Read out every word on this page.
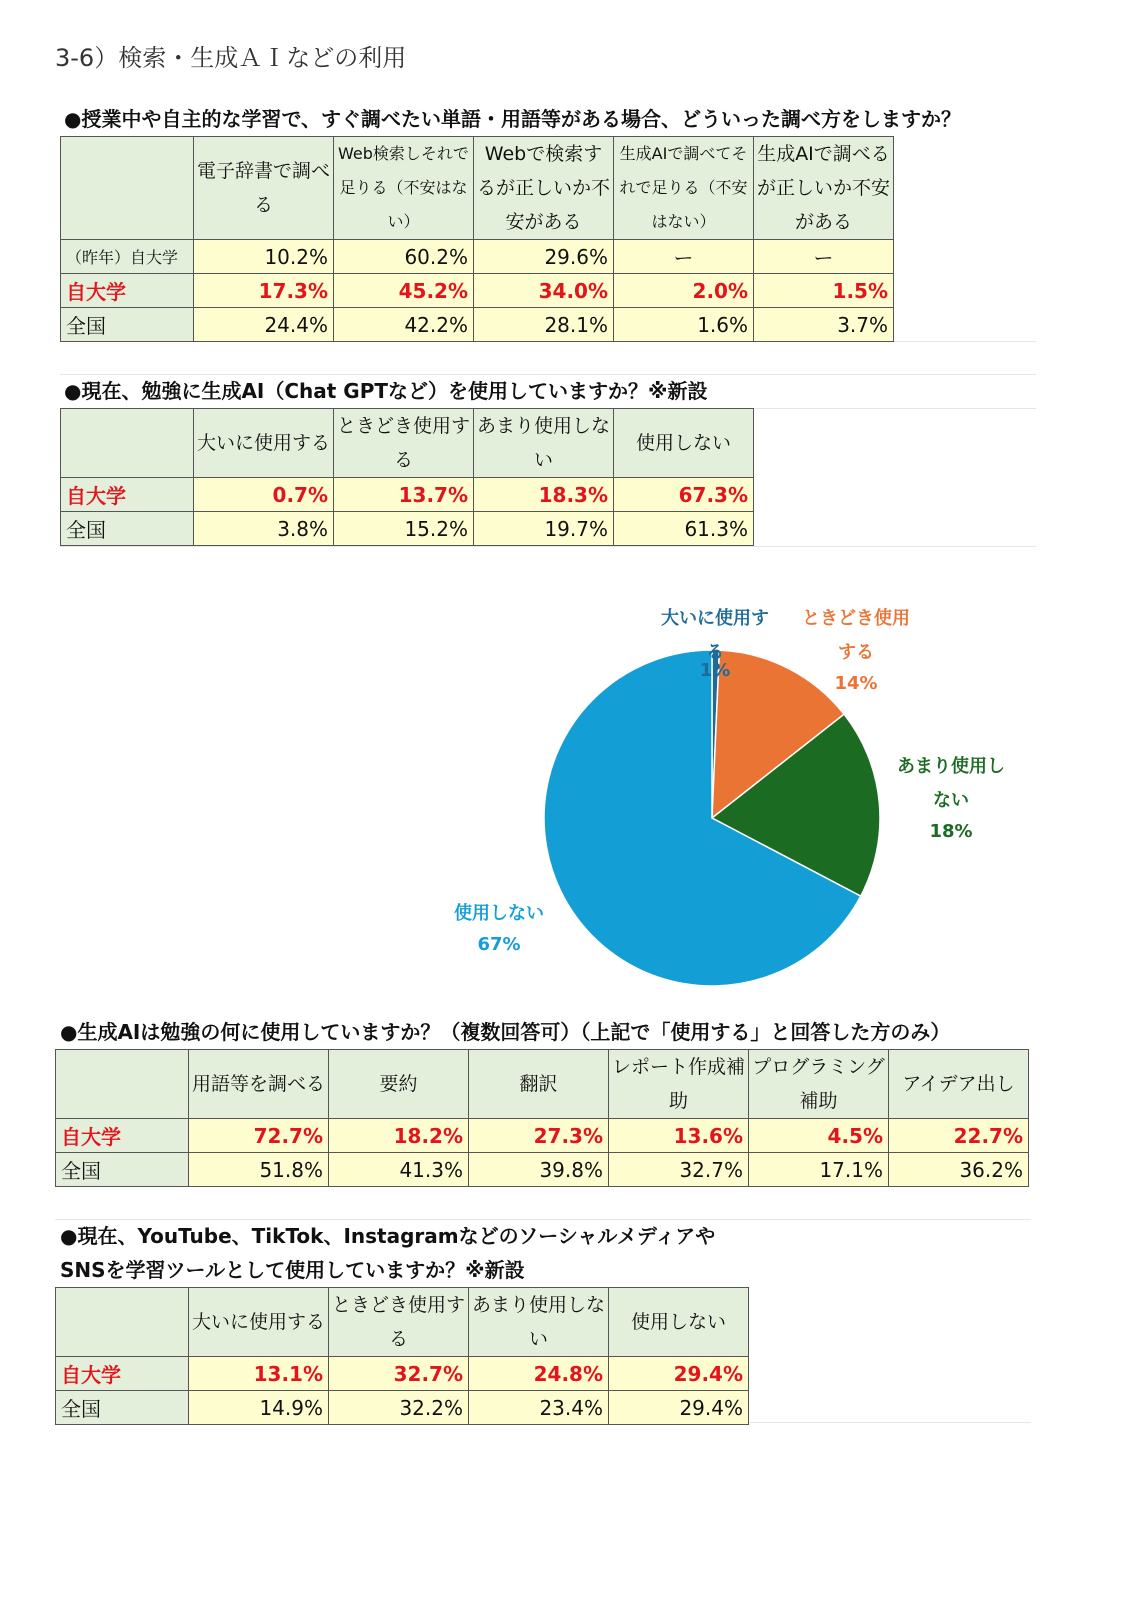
3-6）検索・生成ＡＩなどの利用
●授業中や自主的な学習で、すぐ調べたい単語・用語等がある場合、どういった調べ方をしますか？
	電子辞書で調べる	Web検索しそれで足りる（不安はない）	Webで検索するが正しいか不安がある	生成AIで調べてそれで足りる（不安はない）	生成AIで調べるが正しいか不安がある
（昨年）自大学	10.2%	60.2%	29.6%	ー	ー
自大学	17.3%	45.2%	34.0%	2.0%	1.5%
全国	24.4%	42.2%	28.1%	1.6%	3.7%
●現在、勉強に生成AI（Chat GPTなど）を使用していますか？※新設
	大いに使用する	ときどき使用する	あまり使用しない	使用しない
自大学	0.7%	13.7%	18.3%	67.3%
全国	3.8%	15.2%	19.7%	61.3%
大いに使用する
1%
ときどき使用する
14%
あまり使用しない
18%
使用しない
67%
●生成AIは勉強の何に使用していますか？（複数回答可）（上記で「使用する」と回答した方のみ）
	用語等を調べる	要約	翻訳	レポート作成補助	プログラミング補助	アイデア出し
自大学	72.7%	18.2%	27.3%	13.6%	4.5%	22.7%
全国	51.8%	41.3%	39.8%	32.7%	17.1%	36.2%
●現在、YouTube、TikTok、Instagramなどのソーシャルメディアや SNSを学習ツールとして使用していますか？※新設
	大いに使用する	ときどき使用する	あまり使用しない	使用しない
自大学	13.1%	32.7%	24.8%	29.4%
全国	14.9%	32.2%	23.4%	29.4%
